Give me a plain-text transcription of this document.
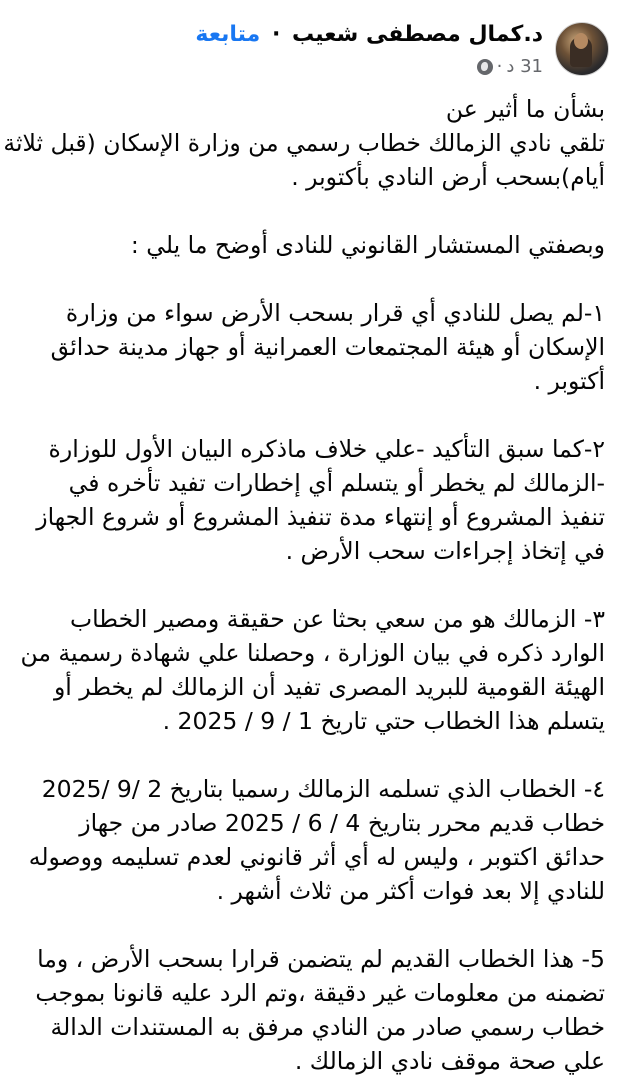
د.كمال مصطفى شعيب · متابعة
31 د
·
بشأن ما أثير عن
تلقي نادي الزمالك خطاب رسمي من وزارة الإسكان (قبل ثلاثة
أيام)بسحب أرض النادي بأكتوبر .
وبصفتي المستشار القانوني للنادى أوضح ما يلي :
١-لم يصل للنادي أي قرار بسحب الأرض سواء من وزارة
الإسكان أو هيئة المجتمعات العمرانية أو جهاز مدينة حدائق
أكتوبر .
٢-كما سبق التأكيد -علي خلاف ماذكره البيان الأول للوزارة
-الزمالك لم يخطر أو يتسلم أي إخطارات تفيد تأخره في
تنفيذ المشروع أو إنتهاء مدة تنفيذ المشروع أو شروع الجهاز
في إتخاذ إجراءات سحب الأرض .
٣- الزمالك هو من سعي بحثا عن حقيقة ومصير الخطاب
الوارد ذكره في بيان الوزارة ، وحصلنا علي شهادة رسمية من
الهيئة القومية للبريد المصرى تفيد أن الزمالك لم يخطر أو
يتسلم هذا الخطاب حتي تاريخ 1 / 9 / 2025 .
٤- الخطاب الذي تسلمه الزمالك رسميا بتاريخ 2 /9 /2025
خطاب قديم محرر بتاريخ 4 / 6 / 2025 صادر من جهاز
حدائق اكتوبر ، وليس له أي أثر قانوني لعدم تسليمه ووصوله
للنادي إلا بعد فوات أكثر من ثلاث أشهر .
5- هذا الخطاب القديم لم يتضمن قرارا بسحب الأرض ، وما
تضمنه من معلومات غير دقيقة ،وتم الرد عليه قانونا بموجب
خطاب رسمي صادر من النادي مرفق به المستندات الدالة
علي صحة موقف نادي الزمالك .
